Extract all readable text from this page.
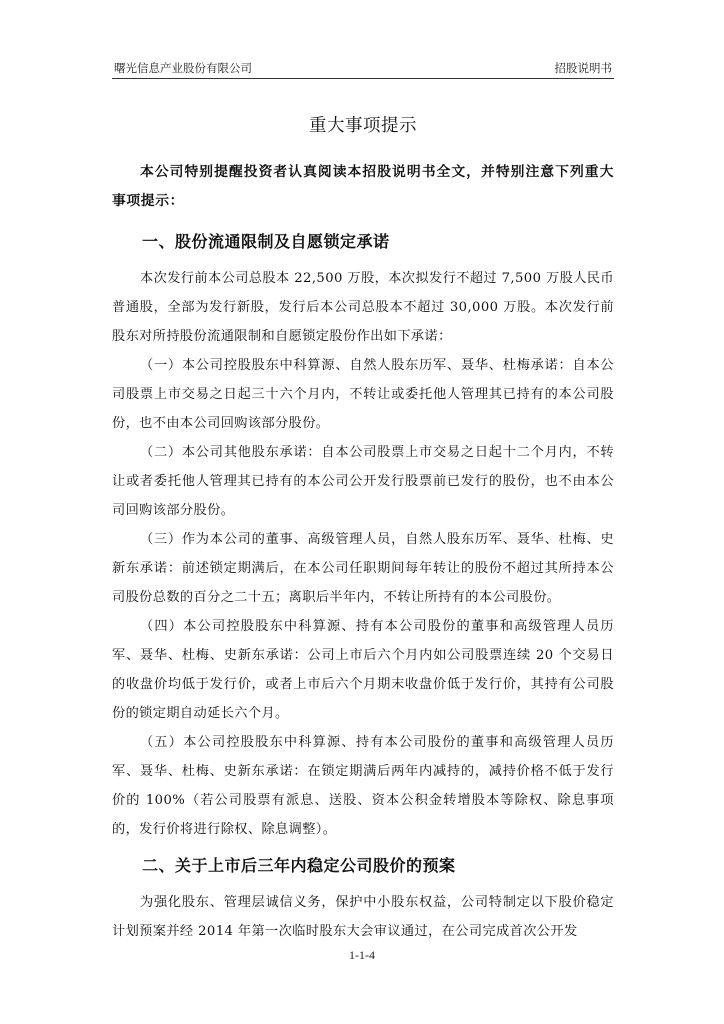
曙光信息产业股份有限公司	招股说明书
重大事项提示

本公司特别提醒投资者认真阅读本招股说明书全文，并特别注意下列重大事项提示：

一、股份流通限制及自愿锁定承诺

本次发行前本公司总股本 22,500 万股，本次拟发行不超过 7,500 万股人民币普通股，全部为发行新股，发行后本公司总股本不超过 30,000 万股。本次发行前股东对所持股份流通限制和自愿锁定股份作出如下承诺：

（一）本公司控股股东中科算源、自然人股东历军、聂华、杜梅承诺：自本公司股票上市交易之日起三十六个月内，不转让或委托他人管理其已持有的本公司股份，也不由本公司回购该部分股份。

（二）本公司其他股东承诺：自本公司股票上市交易之日起十二个月内，不转让或者委托他人管理其已持有的本公司公开发行股票前已发行的股份，也不由本公司回购该部分股份。

（三）作为本公司的董事、高级管理人员，自然人股东历军、聂华、杜梅、史新东承诺：前述锁定期满后，在本公司任职期间每年转让的股份不超过其所持本公司股份总数的百分之二十五；离职后半年内，不转让所持有的本公司股份。

（四）本公司控股股东中科算源、持有本公司股份的董事和高级管理人员历军、聂华、杜梅、史新东承诺：公司上市后六个月内如公司股票连续 20 个交易日的收盘价均低于发行价，或者上市后六个月期末收盘价低于发行价，其持有公司股份的锁定期自动延长六个月。

（五）本公司控股股东中科算源、持有本公司股份的董事和高级管理人员历军、聂华、杜梅、史新东承诺：在锁定期满后两年内减持的，减持价格不低于发行价的 100%（若公司股票有派息、送股、资本公积金转增股本等除权、除息事项的，发行价将进行除权、除息调整）。

二、关于上市后三年内稳定公司股价的预案

为强化股东、管理层诚信义务，保护中小股东权益，公司特制定以下股价稳定计划预案并经 2014 年第一次临时股东大会审议通过，在公司完成首次公开发

1-1-4
